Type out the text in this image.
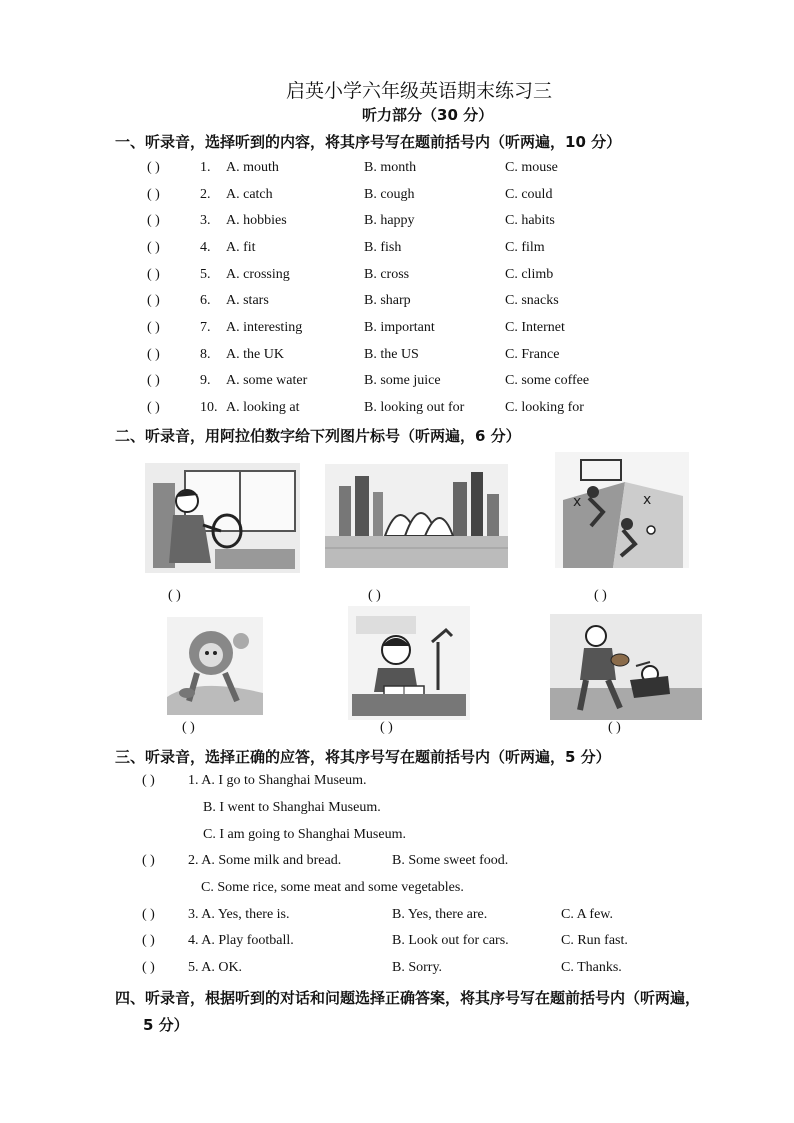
启英小学六年级英语期末练习三
听力部分（30 分）
一、听录音，选择听到的内容，将其序号写在题前括号内（听两遍，10 分）
( )	1. A. mouth	B. month	C. mouse
( )	2. A. catch	B. cough	C. could
( )	3. A. hobbies	B. happy	C. habits
( )	4. A. fit	B. fish	C. film
( )	5. A. crossing	B. cross	C. climb
( )	6. A. stars	B. sharp	C. snacks
( )	7. A. interesting	B. important	C. Internet
( )	8. A. the UK	B. the US	C. France
( )	9. A. some water	B. some juice	C. some coffee
( )	10. A. looking at	B. looking out for	C. looking for
二、听录音，用阿拉伯数字给下列图片标号（听两遍，6 分）
( )	( )
x	x
( )
( )	( )	( )
三、听录音，选择正确的应答，将其序号写在题前括号内（听两遍，5 分）
( ) 1. A. I go to Shanghai Museum.
B. I went to Shanghai Museum.
C. I am going to Shanghai Museum.
( ) 2. A. Some milk and bread.	B. Some sweet food.
C. Some rice, some meat and some vegetables.
( ) 3. A. Yes, there is.	B. Yes, there are.	C. A few.
( ) 4. A. Play football.	B. Look out for cars.	C. Run fast.
( ) 5. A. OK.	B. Sorry.	C. Thanks.
四、听录音，根据听到的对话和问题选择正确答案，将其序号写在题前括号内（听两遍，
5 分）
